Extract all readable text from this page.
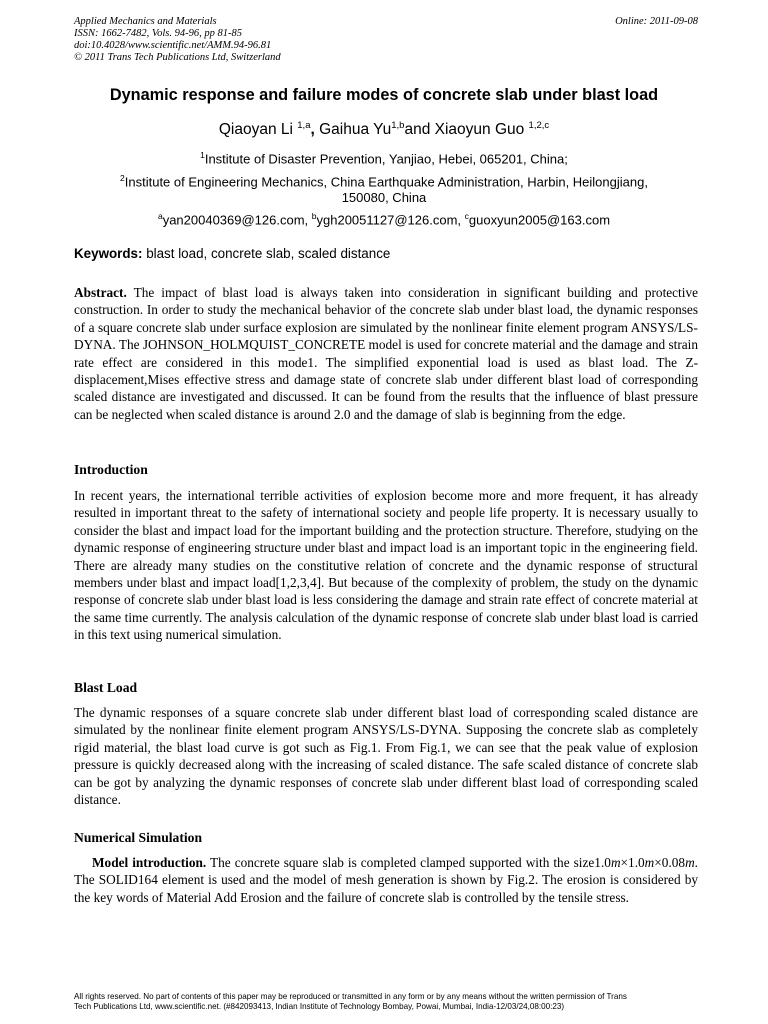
Applied Mechanics and Materials
ISSN: 1662-7482, Vols. 94-96, pp 81-85
doi:10.4028/www.scientific.net/AMM.94-96.81
© 2011 Trans Tech Publications Ltd, Switzerland
Online: 2011-09-08
Dynamic response and failure modes of concrete slab under blast load
Qiaoyan Li $^{1,a}$, Gaihua Yu$^{1,b}$and Xiaoyun Guo $^{1,2,c}$
$^1$Institute of Disaster Prevention, Yanjiao, Hebei, 065201, China;
$^2$Institute of Engineering Mechanics, China Earthquake Administration, Harbin, Heilongjiang,
150080, China
$^a$yan20040369@126.com, $^b$ygh20051127@126.com, $^c$guoxyun2005@163.com
Keywords: blast load, concrete slab, scaled distance
Abstract. The impact of blast load is always taken into consideration in significant building and protective construction. In order to study the mechanical behavior of the concrete slab under blast load, the dynamic responses of a square concrete slab under surface explosion are simulated by the nonlinear finite element program ANSYS/LS-DYNA. The JOHNSON_HOLMQUIST_CONCRETE model is used for concrete material and the damage and strain rate effect are considered in this mode1. The simplified exponential load is used as blast load. The Z-displacement,Mises effective stress and damage state of concrete slab under different blast load of corresponding scaled distance are investigated and discussed. It can be found from the results that the influence of blast pressure can be neglected when scaled distance is around 2.0 and the damage of slab is beginning from the edge.
Introduction
In recent years, the international terrible activities of explosion become more and more frequent, it has already resulted in important threat to the safety of international society and people life property. It is necessary usually to consider the blast and impact load for the important building and the protection structure. Therefore, studying on the dynamic response of engineering structure under blast and impact load is an important topic in the engineering field. There are already many studies on the constitutive relation of concrete and the dynamic response of structural members under blast and impact load[1,2,3,4]. But because of the complexity of problem, the study on the dynamic response of concrete slab under blast load is less considering the damage and strain rate effect of concrete material at the same time currently. The analysis calculation of the dynamic response of concrete slab under blast load is carried in this text using numerical simulation.
Blast Load
The dynamic responses of a square concrete slab under different blast load of corresponding scaled distance are simulated by the nonlinear finite element program ANSYS/LS-DYNA. Supposing the concrete slab as completely rigid material, the blast load curve is got such as Fig.1. From Fig.1, we can see that the peak value of explosion pressure is quickly decreased along with the increasing of scaled distance. The safe scaled distance of concrete slab can be got by analyzing the dynamic responses of concrete slab under different blast load of corresponding scaled distance.
Numerical Simulation
Model introduction. The concrete square slab is completed clamped supported with the size1.0m×1.0m×0.08m. The SOLID164 element is used and the model of mesh generation is shown by Fig.2. The erosion is considered by the key words of Material Add Erosion and the failure of concrete slab is controlled by the tensile stress.
All rights reserved. No part of contents of this paper may be reproduced or transmitted in any form or by any means without the written permission of Trans
Tech Publications Ltd, www.scientific.net. (#842093413, Indian Institute of Technology Bombay, Powai, Mumbai, India-12/03/24,08:00:23)
